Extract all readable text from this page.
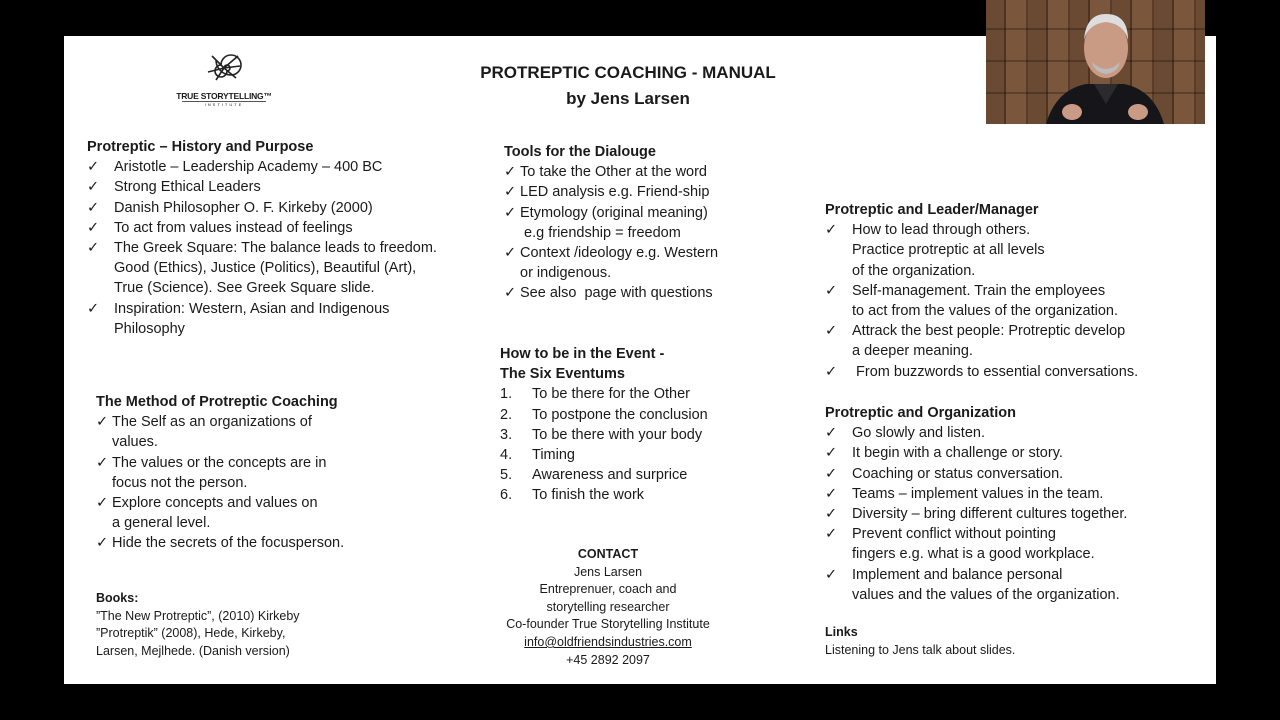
TRUE STORYTELLING™
INSTITUTE
PROTREPTIC COACHING - MANUAL
by Jens Larsen
Protreptic – History and Purpose
✓ Aristotle – Leadership Academy – 400 BC
✓ Strong Ethical Leaders
✓ Danish Philosopher O. F. Kirkeby (2000)
✓ To act from values instead of feelings
✓ The Greek Square: The balance leads to freedom.
Good (Ethics), Justice (Politics), Beautiful (Art),
True (Science). See Greek Square slide.
✓ Inspiration: Western, Asian and Indigenous
Philosophy
The Method of Protreptic Coaching
✓ The Self as an organizations of
values.
✓ The values or the concepts are in
focus not the person.
✓ Explore concepts and values on
a general level.
✓ Hide the secrets of the focusperson.
Books:
”The New Protreptic”, (2010) Kirkeby
”Protreptik” (2008), Hede, Kirkeby,
Larsen, Mejlhede. (Danish version)
Tools for the Dialouge
✓ To take the Other at the word
✓ LED analysis e.g. Friend-ship
✓ Etymology (original meaning)
e.g friendship = freedom
✓ Context /ideology e.g. Western
or indigenous.
✓ See also  page with questions
How to be in the Event -
The Six Eventums
1. To be there for the Other
2. To postpone the conclusion
3. To be there with your body
4. Timing
5. Awareness and surprice
6. To finish the work
CONTACT
Jens Larsen
Entreprenuer, coach and
storytelling researcher
Co-founder True Storytelling Institute
info@oldfriendsindustries.com
+45 2892 2097
Protreptic and Leader/Manager
✓ How to lead through others.
Practice protreptic at all levels
of the organization.
✓ Self-management. Train the employees
to act from the values of the organization.
✓ Attrack the best people: Protreptic develop
a deeper meaning.
✓ From buzzwords to essential conversations.
Protreptic and Organization
✓ Go slowly and listen.
✓ It begin with a challenge or story.
✓ Coaching or status conversation.
✓ Teams – implement values in the team.
✓ Diversity – bring different cultures together.
✓ Prevent conflict without pointing
fingers e.g. what is a good workplace.
✓ Implement and balance personal
values and the values of the organization.
Links
Listening to Jens talk about slides.
